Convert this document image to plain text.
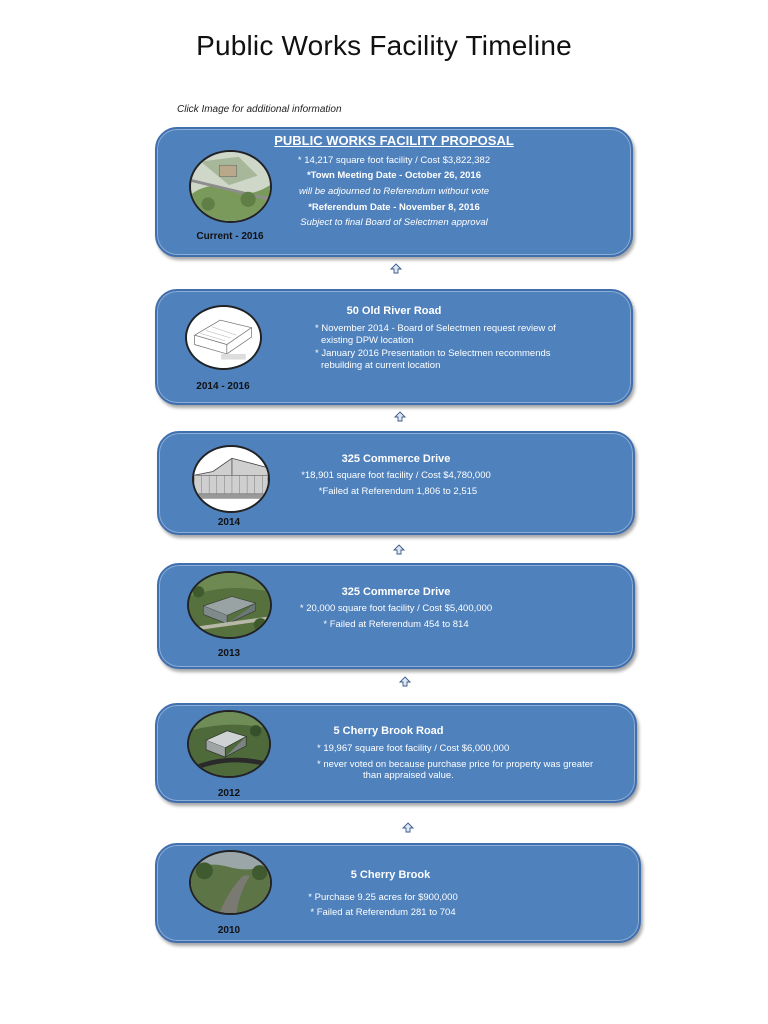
Public Works Facility Timeline
Click Image for additional information
PUBLIC WORKS FACILITY PROPOSAL
* 14,217 square foot facility / Cost $3,822,382
*Town Meeting Date - October 26, 2016
will be adjourned to Referendum without vote
*Referendum Date - November 8, 2016
Subject to final Board of Selectmen approval
Current - 2016
50 Old River Road
* November 2014 - Board of Selectmen request review of
existing DPW location
* January 2016 Presentation to Selectmen recommends
rebuilding at current location
2014 - 2016
325 Commerce Drive
*18,901 square foot facility / Cost $4,780,000
*Failed at Referendum 1,806 to 2,515
2014
325 Commerce Drive
* 20,000 square foot facility / Cost $5,400,000
* Failed at Referendum 454 to 814
2013
5 Cherry Brook Road
* 19,967 square foot facility / Cost $6,000,000
* never voted on because purchase price for property was greater
than appraised value.
2012
5 Cherry Brook
* Purchase 9.25 acres for $900,000
* Failed at Referendum 281 to 704
2010
